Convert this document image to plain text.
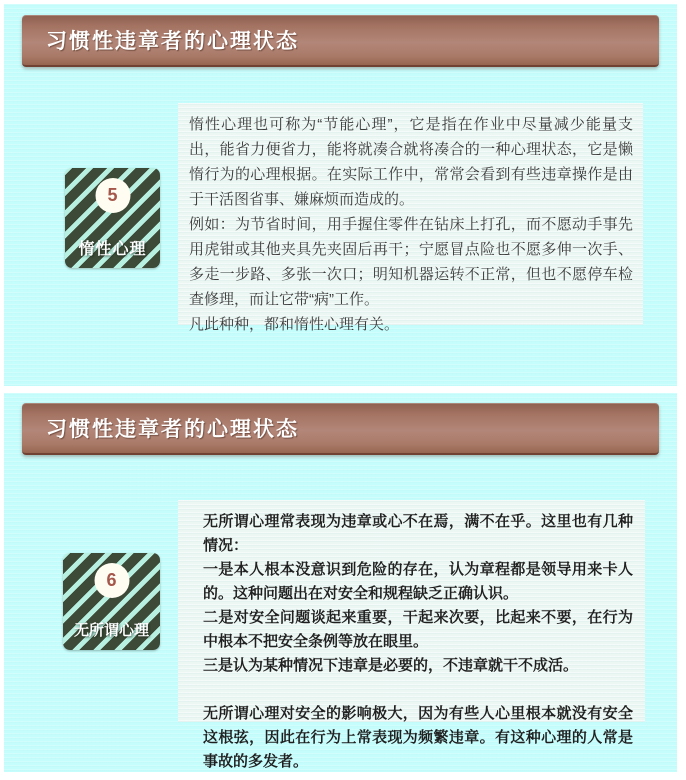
习惯性违章者的心理状态
5
惰性心理

惰性心理也可称为“节能心理”，它是指在作业中尽量减少能量支出，能省力便省力，能将就凑合就将凑合的一种心理状态，它是懒惰行为的心理根据。在实际工作中，常常会看到有些违章操作是由于干活图省事、嫌麻烦而造成的。

例如：为节省时间，用手握住零件在钻床上打孔，而不愿动手事先用虎钳或其他夹具先夹固后再干；宁愿冒点险也不愿多伸一次手、多走一步路、多张一次口；明知机器运转不正常，但也不愿停车检查修理，而让它带“病”工作。

凡此种种，都和惰性心理有关。

习惯性违章者的心理状态
6
无所谓心理

无所谓心理常表现为违章或心不在焉，满不在乎。这里也有几种情况：

一是本人根本没意识到危险的存在，认为章程都是领导用来卡人的。这种问题出在对安全和规程缺乏正确认识。

二是对安全问题谈起来重要，干起来次要，比起来不要，在行为中根本不把安全条例等放在眼里。

三是认为某种情况下违章是必要的，不违章就干不成活。

无所谓心理对安全的影响极大，因为有些人心里根本就没有安全这根弦，因此在行为上常表现为频繁违章。有这种心理的人常是事故的多发者。
